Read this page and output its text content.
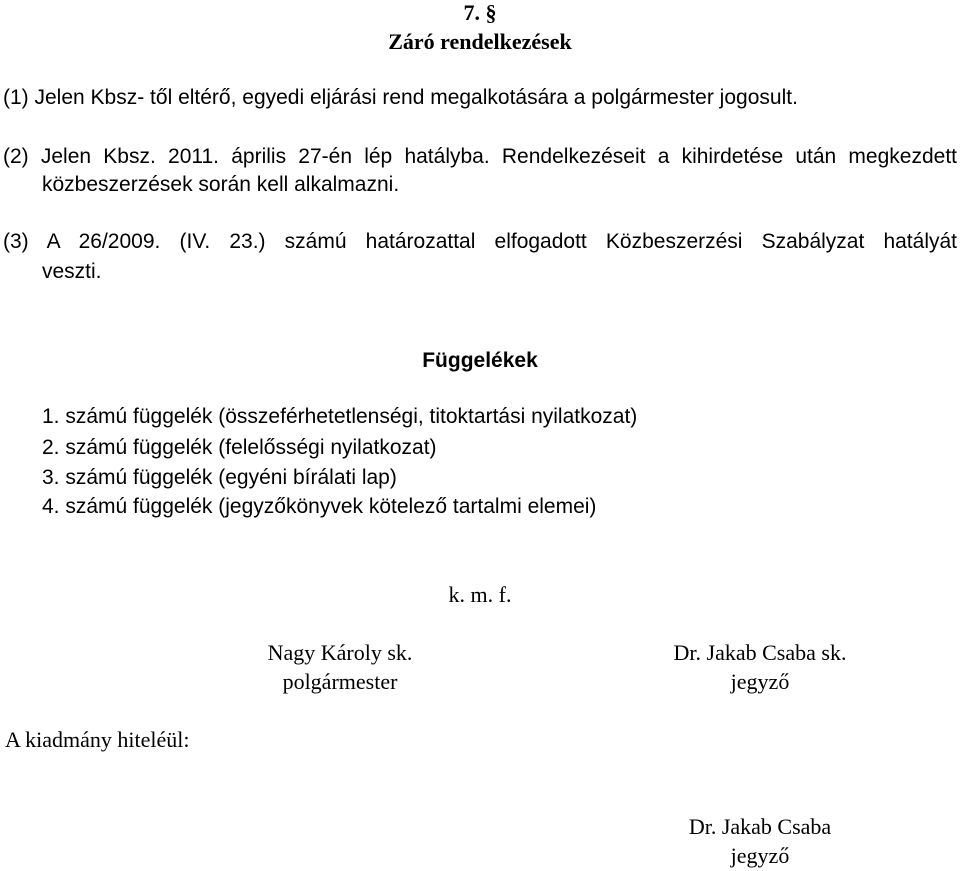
7. §
Záró rendelkezések
(1) Jelen Kbsz- től eltérő, egyedi eljárási rend megalkotására a polgármester jogosult.
(2) Jelen Kbsz. 2011. április 27-én lép hatályba. Rendelkezéseit a kihirdetése után megkezdett
közbeszerzések során kell alkalmazni.
(3) A 26/2009. (IV. 23.) számú határozattal elfogadott Közbeszerzési Szabályzat hatályát
veszti.
Függelékek
1. számú függelék (összeférhetetlenségi, titoktartási nyilatkozat)
2. számú függelék (felelősségi nyilatkozat)
3. számú függelék (egyéni bírálati lap)
4. számú függelék (jegyzőkönyvek kötelező tartalmi elemei)
k. m. f.
Nagy Károly sk.
polgármester
Dr. Jakab Csaba sk.
jegyző
A kiadmány hiteléül:
Dr. Jakab Csaba
jegyző
